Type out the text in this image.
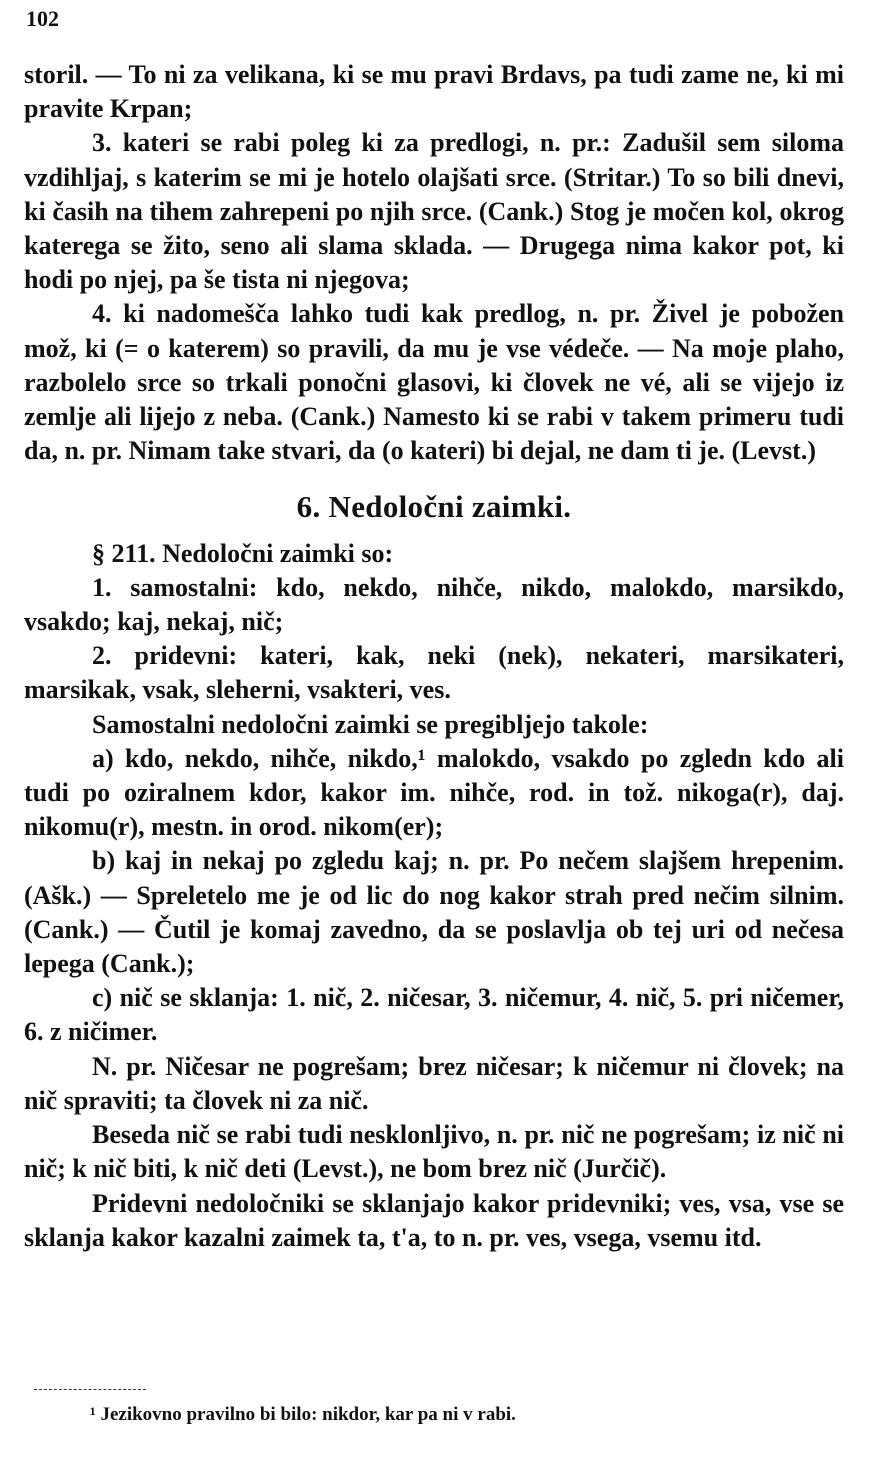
102

storil. — To ni za velikana, ki se mu pravi Brdavs, pa tudi zame ne, ki mi pravite Krpan;

3. kateri se rabi poleg ki za predlogi, n. pr.: Zadušil sem siloma vzdihljaj, s katerim se mi je hotelo olajšati srce. (Stritar.) To so bili dnevi, ki časih na tihem zahrepeni po njih srce. (Cank.) Stog je močen kol, okrog katerega se žito, seno ali slama sklada. — Drugega nima kakor pot, ki hodi po njej, pa še tista ni njegova;

4. ki nadomešča lahko tudi kak predlog, n. pr. Živel je pobožen mož, ki (= o katerem) so pravili, da mu je vse védeče. — Na moje plaho, razbolelo srce so trkali ponočni glasovi, ki človek ne vé, ali se vijejo iz zemlje ali lijejo z neba. (Cank.) Namesto ki se rabi v takem primeru tudi da, n. pr. Nimam take stvari, da (o kateri) bi dejal, ne dam ti je. (Levst.)

6. Nedoločni zaimki.

§ 211. Nedoločni zaimki so:

1. samostalni: kdo, nekdo, nihče, nikdo, malokdo, marsikdo, vsakdo; kaj, nekaj, nič;

2. pridevni: kateri, kak, neki (nek), nekateri, marsikateri, marsikak, vsak, sleherni, vsakteri, ves.

Samostalni nedoločni zaimki se pregibljejo takole:

a) kdo, nekdo, nihče, nikdo,¹ malokdo, vsakdo po zgledn kdo ali tudi po oziralnem kdor, kakor im. nihče, rod. in tož. nikoga(r), daj. nikomu(r), mestn. in orod. nikom(er);

b) kaj in nekaj po zgledu kaj; n. pr. Po nečem slajšem hrepenim. (Ašk.) — Spreletelo me je od lic do nog kakor strah pred nečim silnim. (Cank.) — Čutil je komaj zavedno, da se poslavlja ob tej uri od nečesa lepega (Cank.);

c) nič se sklanja: 1. nič, 2. ničesar, 3. ničemur, 4. nič, 5. pri ničemer, 6. z ničimer.

N. pr. Ničesar ne pogrešam; brez ničesar; k ničemur ni človek; na nič spraviti; ta človek ni za nič.

Beseda nič se rabi tudi nesklonljivo, n. pr. nič ne pogrešam; iz nič ni nič; k nič biti, k nič deti (Levst.), ne bom brez nič (Jurčič).

Pridevni nedoločniki se sklanjajo kakor pridevniki; ves, vsa, vse se sklanja kakor kazalni zaimek ta, t'a, to n. pr. ves, vsega, vsemu itd.

¹ Jezikovno pravilno bi bilo: nikdor, kar pa ni v rabi.
